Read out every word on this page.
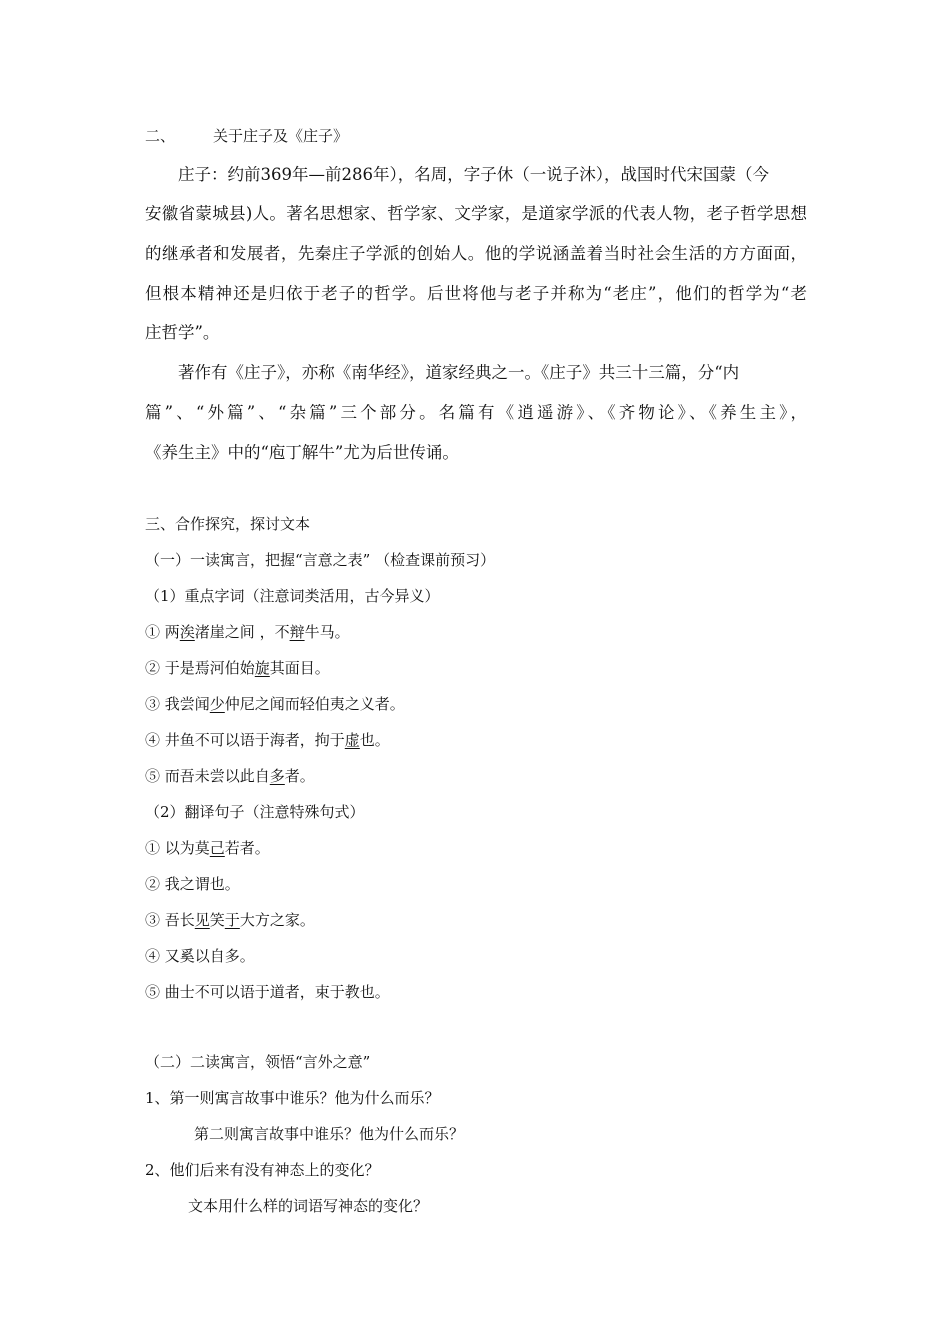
二、	关于庄子及《庄子》
庄子：约前369年—前286年），名周，字子休（一说子沐），战国时代宋国蒙（今
安徽省蒙城县)人。著名思想家、哲学家、文学家，是道家学派的代表人物，老子哲学思想
的继承者和发展者，先秦庄子学派的创始人。他的学说涵盖着当时社会生活的方方面面，
但根本精神还是归依于老子的哲学。后世将他与老子并称为“老庄”，他们的哲学为“老
庄哲学”。
著作有《庄子》，亦称《南华经》，道家经典之一。《庄子》共三十三篇，分“内
篇”、“外篇”、“杂篇”三个部分。名篇有《逍遥游》、《齐物论》、《养生主》，
《养生主》中的“庖丁解牛”尤为后世传诵。
三、合作探究，探讨文本
（一）一读寓言，把握“言意之表” （检查课前预习）
（1）重点字词（注意词类活用，古今异义）
① 两涘渚崖之间 ，不辩牛马。
② 于是焉河伯始旋其面目。
③ 我尝闻少仲尼之闻而轻伯夷之义者。
④ 井鱼不可以语于海者，拘于虚也。
⑤ 而吾未尝以此自多者。
（2）翻译句子（注意特殊句式）
① 以为莫己若者。
② 我之谓也。
③ 吾长见笑于大方之家。
④ 又奚以自多。
⑤ 曲士不可以语于道者，束于教也。
（二）二读寓言，领悟“言外之意”
1、第一则寓言故事中谁乐？他为什么而乐？
第二则寓言故事中谁乐？他为什么而乐？
2、他们后来有没有神态上的变化？
文本用什么样的词语写神态的变化？
